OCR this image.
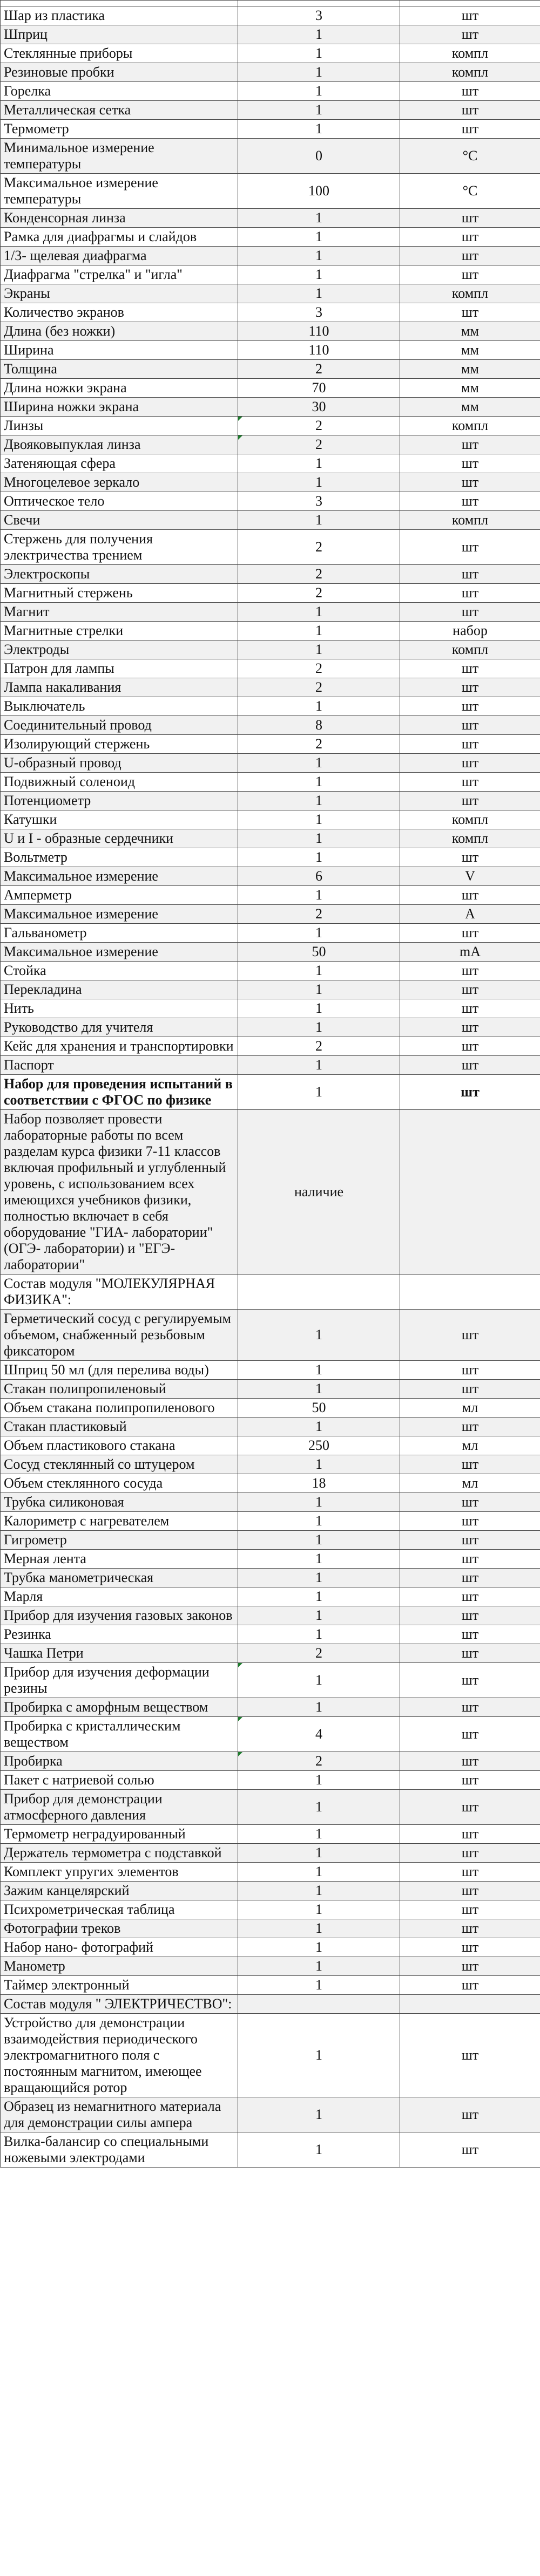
Шар из пластика	3	шт
Шприц	1	шт
Стеклянные приборы	1	компл
Резиновые пробки	1	компл
Горелка	1	шт
Металлическая сетка	1	шт
Термометр	1	шт
Минимальное измерение температуры	0	°С
Максимальное измерение температуры	100	°С
Конденсорная линза	1	шт
Рамка для диафрагмы и слайдов	1	шт
1/3- щелевая диафрагма	1	шт
Диафрагма "стрелка" и "игла"	1	шт
Экраны	1	компл
Количество экранов	3	шт
Длина (без ножки)	110	мм
Ширина	110	мм
Толщина	2	мм
Длина ножки экрана	70	мм
Ширина ножки экрана	30	мм
Линзы	2	компл
Двояковыпуклая линза	2	шт
Затеняющая сфера	1	шт
Многоцелевое зеркало	1	шт
Оптическое тело	3	шт
Свечи	1	компл
Стержень для получения электричества трением	2	шт
Электроскопы	2	шт
Магнитный стержень	2	шт
Магнит	1	шт
Магнитные стрелки	1	набор
Электроды	1	компл
Патрон для лампы	2	шт
Лампа накаливания	2	шт
Выключатель	1	шт
Соединительный провод	8	шт
Изолирующий стержень	2	шт
U-образный провод	1	шт
Подвижный соленоид	1	шт
Потенциометр	1	шт
Катушки	1	компл
U и I - образные сердечники	1	компл
Вольтметр	1	шт
Максимальное измерение	6	V
Амперметр	1	шт
Максимальное измерение	2	А
Гальванометр	1	шт
Максимальное измерение	50	mA
Стойка	1	шт
Перекладина	1	шт
Нить	1	шт
Руководство для учителя	1	шт
Кейс для хранения и транспортировки	2	шт
Паспорт	1	шт
Набор для проведения испытаний в соответствии с ФГОС по физике	1	шт
Набор позволяет провести лабораторные работы по всем разделам курса физики 7-11 классов включая профильный и углубленный уровень, с использованием всех имеющихся учебников физики, полностью включает в себя оборудование "ГИА- лаборатории" (ОГЭ- лаборатории) и "ЕГЭ- лаборатории"	наличие	
Состав модуля "МОЛЕКУЛЯРНАЯ ФИЗИКА":		
Герметический сосуд с регулируемым объемом, снабженный резьбовым фиксатором	1	шт
Шприц 50 мл (для перелива воды)	1	шт
Стакан полипропиленовый	1	шт
Объем стакана полипропиленового	50	мл
Стакан пластиковый	1	шт
Объем пластикового стакана	250	мл
Сосуд стеклянный со штуцером	1	шт
Объем стеклянного сосуда	18	мл
Трубка силиконовая	1	шт
Калориметр с нагревателем	1	шт
Гигрометр	1	шт
Мерная лента	1	шт
Трубка манометрическая	1	шт
Марля	1	шт
Прибор для изучения газовых законов	1	шт
Резинка	1	шт
Чашка Петри	2	шт
Прибор для изучения деформации резины	1	шт
Пробирка с аморфным веществом	1	шт
Пробирка с кристаллическим веществом	4	шт
Пробирка	2	шт
Пакет с натриевой солью	1	шт
Прибор для демонстрации атмосферного давления	1	шт
Термометр неградуированный	1	шт
Держатель термометра с подставкой	1	шт
Комплект упругих элементов	1	шт
Зажим канцелярский	1	шт
Психрометрическая таблица	1	шт
Фотографии треков	1	шт
Набор нано- фотографий	1	шт
Манометр	1	шт
Таймер электронный	1	шт
Состав модуля " ЭЛЕКТРИЧЕСТВО":		
Устройство для демонстрации взаимодействия периодического электромагнитного поля с постоянным магнитом, имеющее вращающийся ротор	1	шт
Образец из немагнитного материала для демонстрации силы ампера	1	шт
Вилка-балансир со специальными ножевыми электродами	1	шт
